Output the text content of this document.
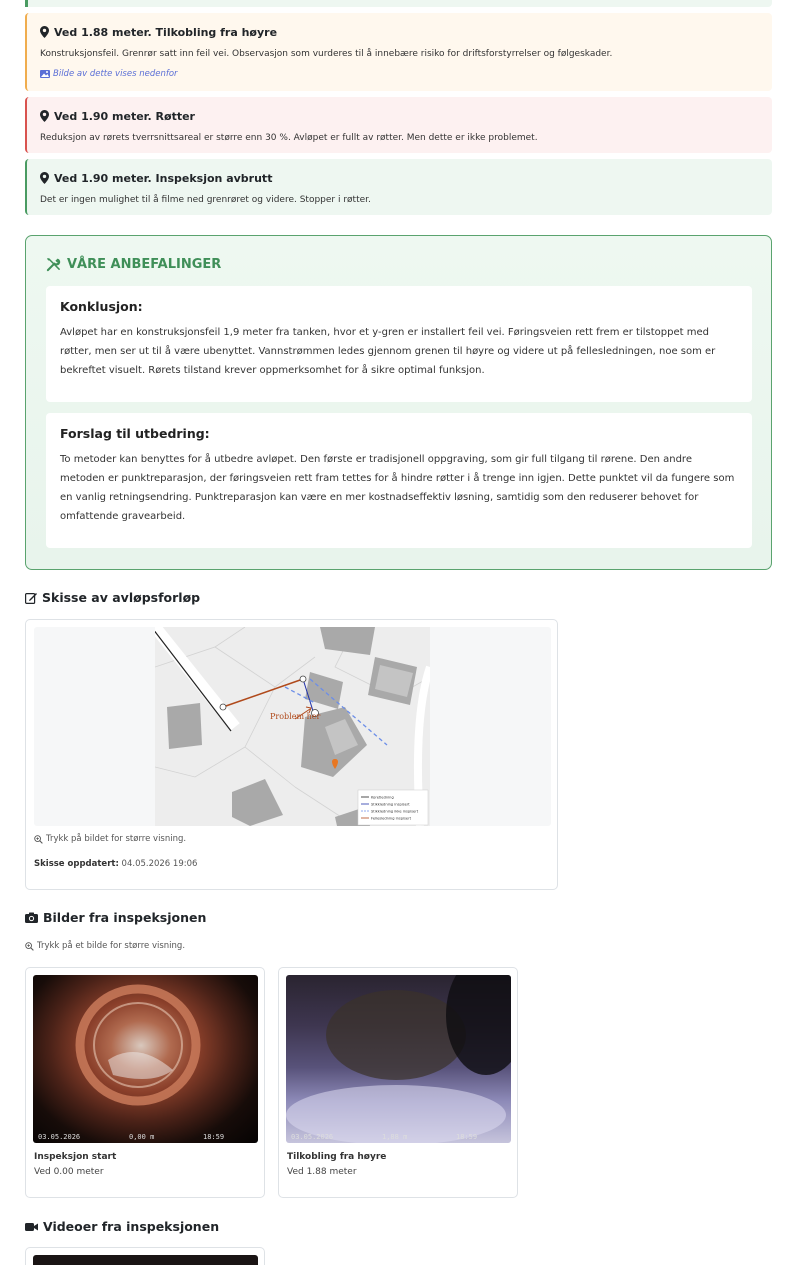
Ved 1.88 meter. Tilkobling fra høyre
Konstruksjonsfeil. Grenrør satt inn feil vei. Observasjon som vurderes til å innebære risiko for driftsforstyrrelser og følgeskader.
Bilde av dette vises nedenfor
Ved 1.90 meter. Røtter
Reduksjon av rørets tverrsnittsareal er større enn 30 %. Avløpet er fullt av røtter. Men dette er ikke problemet.
Ved 1.90 meter. Inspeksjon avbrutt
Det er ingen mulighet til å filme ned grenrøret og videre. Stopper i røtter.
VÅRE ANBEFALINGER
Konklusjon:

Avløpet har en konstruksjonsfeil 1,9 meter fra tanken, hvor et y-gren er installert feil vei. Føringsveien rett frem er tilstoppet med røtter, men ser ut til å være ubenyttet. Vannstrømmen ledes gjennom grenen til høyre og videre ut på fellesledningen, noe som er bekreftet visuelt. Rørets tilstand krever oppmerksomhet for å sikre optimal funksjon.

Forslag til utbedring:

To metoder kan benyttes for å utbedre avløpet. Den første er tradisjonell oppgraving, som gir full tilgang til rørene. Den andre metoden er punktreparasjon, der føringsveien rett fram tettes for å hindre røtter i å trenge inn igjen. Dette punktet vil da fungere som en vanlig retningsendring. Punktreparasjon kan være en mer kostnadseffektiv løsning, samtidig som den reduserer behovet for omfattende gravearbeid.

Skisse av avløpsforløp
Problem her
Koretledning
Stikkledning inspisert
Stikkledning ikke inspisert
Fellesledning inspisert
Trykk på bildet for større visning.
Skisse oppdatert: 04.05.2026 19:06
Bilder fra inspeksjonen
Trykk på et bilde for større visning.
03.05.2026	0,00 m	18:59
Inspeksjon start
Ved 0.00 meter
03.05.2026	1,88 m	18:59
Tilkobling fra høyre
Ved 1.88 meter
Videoer fra inspeksjonen
